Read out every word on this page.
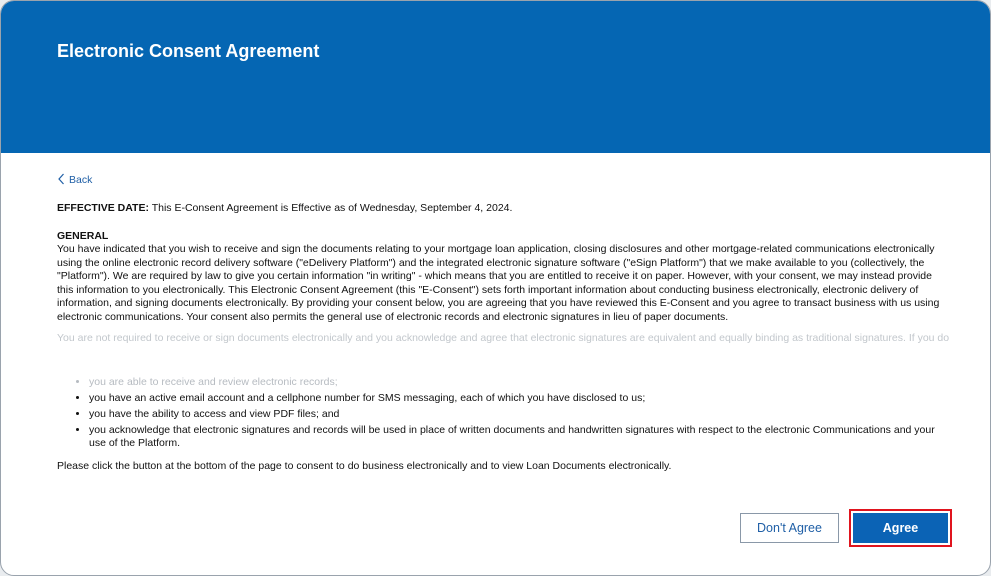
Electronic Consent Agreement
Back
EFFECTIVE DATE: This E-Consent Agreement is Effective as of Wednesday, September 4, 2024.
GENERAL

You have indicated that you wish to receive and sign the documents relating to your mortgage loan application, closing disclosures and other mortgage-related communications electronically using the online electronic record delivery software ("eDelivery Platform") and the integrated electronic signature software ("eSign Platform") that we make available to you (collectively, the "Platform"). We are required by law to give you certain information "in writing" - which means that you are entitled to receive it on paper. However, with your consent, we may instead provide this information to you electronically. This Electronic Consent Agreement (this "E-Consent") sets forth important information about conducting business electronically, electronic delivery of information, and signing documents electronically. By providing your consent below, you are agreeing that you have reviewed this E-Consent and you agree to transact business with us using electronic communications. Your consent also permits the general use of electronic records and electronic signatures in lieu of paper documents.

You are not required to receive or sign documents electronically and you acknowledge and agree that electronic signatures are equivalent and equally binding as traditional signatures. If you do
• you are able to receive and review electronic records;
• you have an active email account and a cellphone number for SMS messaging, each of which you have disclosed to us;
• you have the ability to access and view PDF files; and
• you acknowledge that electronic signatures and records will be used in place of written documents and handwritten signatures with respect to the electronic Communications and your use of the Platform.
Please click the button at the bottom of the page to consent to do business electronically and to view Loan Documents electronically.
Don't Agree	Agree
